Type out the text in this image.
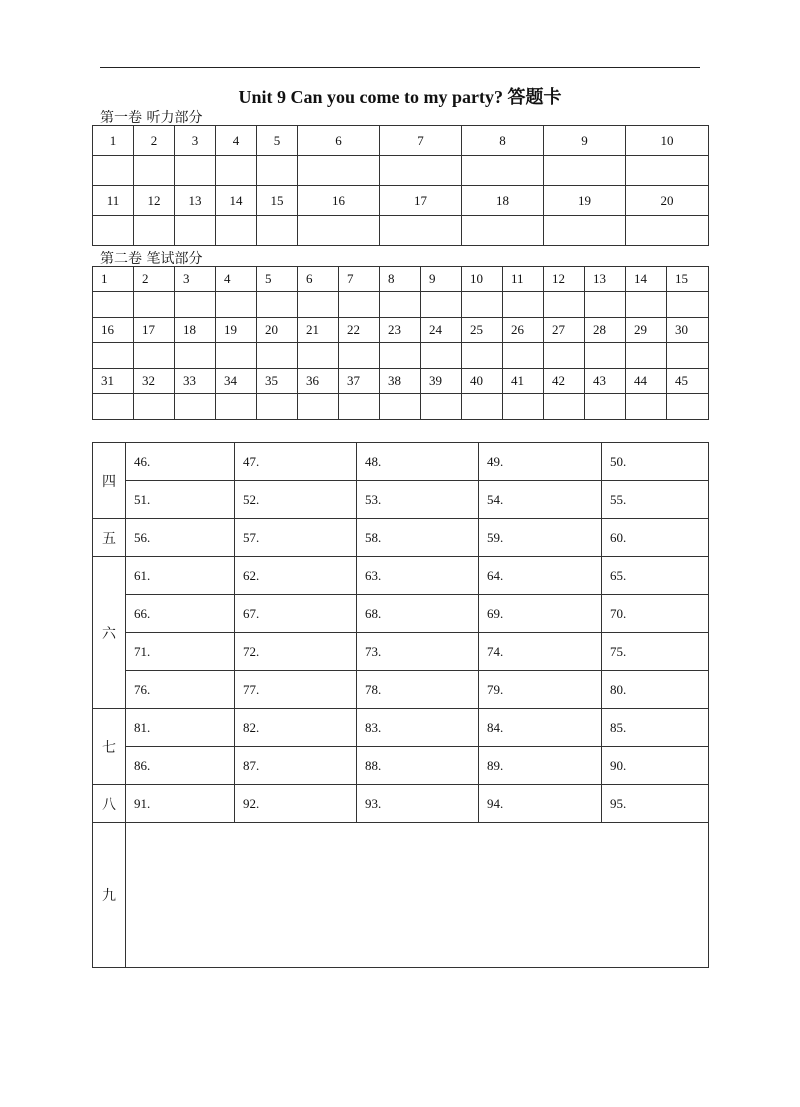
Unit 9 Can you come to my party? 答题卡
第一卷 听力部分
1	2	3	4	5	6	7	8	9	10

11	12	13	14	15	16	17	18	19	20

第二卷 笔试部分
1	2	3	4	5	6	7	8	9	10	11	12	13	14	15

16	17	18	19	20	21	22	23	24	25	26	27	28	29	30

31	32	33	34	35	36	37	38	39	40	41	42	43	44	45

四	46.	47.	48.	49.	50.
	51.	52.	53.	54.	55.
五	56.	57.	58.	59.	60.
六	61.	62.	63.	64.	65.
	66.	67.	68.	69.	70.
	71.	72.	73.	74.	75.
	76.	77.	78.	79.	80.
七	81.	82.	83.	84.	85.
	86.	87.	88.	89.	90.
八	91.	92.	93.	94.	95.
九					
